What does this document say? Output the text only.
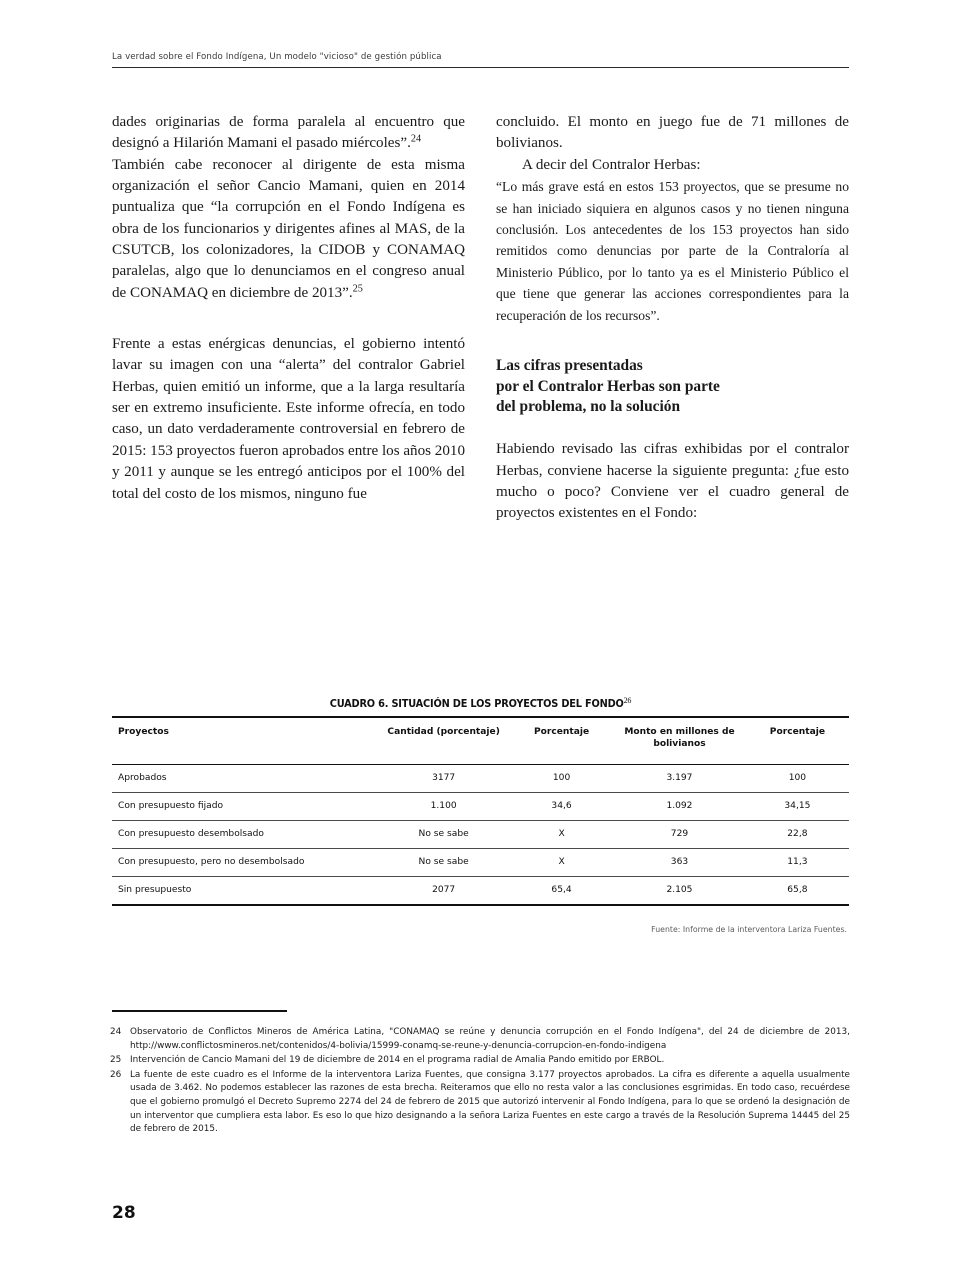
La verdad sobre el Fondo Indígena, Un modelo "vicioso" de gestión pública

dades originarias de forma paralela al encuentro que designó a Hilarión Mamani el pasado miércoles”.$^{24}$

También cabe reconocer al dirigente de esta misma organización el señor Cancio Mamani, quien en 2014 puntualiza que “la corrupción en el Fondo Indígena es obra de los funcionarios y dirigentes afines al MAS, de la CSUTCB, los colonizadores, la CIDOB y CONAMAQ paralelas, algo que lo denunciamos en el congreso anual de CONAMAQ en diciembre de 2013”.$^{25}$

Frente a estas enérgicas denuncias, el gobierno intentó lavar su imagen con una “alerta” del contralor Gabriel Herbas, quien emitió un informe, que a la larga resultaría ser en extremo insuficiente. Este informe ofrecía, en todo caso, un dato verdaderamente controversial en febrero de 2015: 153 proyectos fueron aprobados entre los años 2010 y 2011 y aunque se les entregó anticipos por el 100% del total del costo de los mismos, ninguno fue

concluido. El monto en juego fue de 71 millones de bolivianos.

A decir del Contralor Herbas:

“Lo más grave está en estos 153 proyectos, que se presume no se han iniciado siquiera en algunos casos y no tienen ninguna conclusión. Los antecedentes de los 153 proyectos han sido remitidos como denuncias por parte de la Contraloría al Ministerio Público, por lo tanto ya es el Ministerio Público el que tiene que generar las acciones correspondientes para la recuperación de los recursos”.

Las cifras presentadas
por el Contralor Herbas son parte
del problema, no la solución

Habiendo revisado las cifras exhibidas por el contralor Herbas, conviene hacerse la siguiente pregunta: ¿fue esto mucho o poco? Conviene ver el cuadro general de proyectos existentes en el Fondo:

CUADRO 6. SITUACIÓN DE LOS PROYECTOS DEL FONDO$^{26}$
Proyectos	Cantidad (porcentaje)	Porcentaje	Monto en millones de bolivianos	Porcentaje
Aprobados	3177	100	3.197	100
Con presupuesto fijado	1.100	34,6	1.092	34,15
Con presupuesto desembolsado	No se sabe	X	729	22,8
Con presupuesto, pero no desembolsado	No se sabe	X	363	11,3
Sin presupuesto	2077	65,4	2.105	65,8
Fuente: Informe de la interventora Lariza Fuentes.
24 Observatorio de Conflictos Mineros de América Latina, "CONAMAQ se reúne y denuncia corrupción en el Fondo Indígena", del 24 de diciembre de 2013, http://www.conflictosmineros.net/contenidos/4-bolivia/15999-conamq-se-reune-y-denuncia-corrupcion-en-fondo-indigena
25 Intervención de Cancio Mamani del 19 de diciembre de 2014 en el programa radial de Amalia Pando emitido por ERBOL.
26 La fuente de este cuadro es el Informe de la interventora Lariza Fuentes, que consigna 3.177 proyectos aprobados. La cifra es diferente a aquella usualmente usada de 3.462. No podemos establecer las razones de esta brecha. Reiteramos que ello no resta valor a las conclusiones esgrimidas. En todo caso, recuérdese que el gobierno promulgó el Decreto Supremo 2274 del 24 de febrero de 2015 que autorizó intervenir al Fondo Indígena, para lo que se ordenó la designación de un interventor que cumpliera esta labor. Es eso lo que hizo designando a la señora Lariza Fuentes en este cargo a través de la Resolución Suprema 14445 del 25 de febrero de 2015.
28
